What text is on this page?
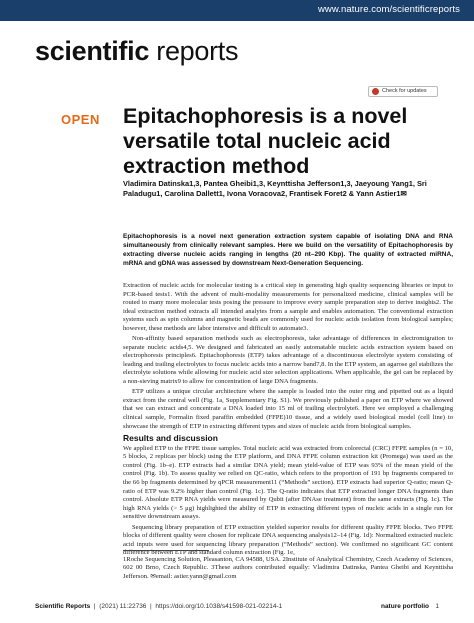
www.nature.com/scientificreports
scientific reports
Check for updates
OPEN Epitachophoresis is a novel versatile total nucleic acid extraction method
Vladimira Datinska1,3, Pantea Gheibi1,3, Keynttisha Jefferson1,3, Jaeyoung Yang1, Sri Paladugu1, Carolina Dallett1, Ivona Voracova2, Frantisek Foret2 & Yann Astier1✉
Epitachophoresis is a novel next generation extraction system capable of isolating DNA and RNA simultaneously from clinically relevant samples. Here we build on the versatility of Epitachophoresis by extracting diverse nucleic acids ranging in lengths (20 nt–290 Kbp). The quality of extracted miRNA, mRNA and gDNA was assessed by downstream Next-Generation Sequencing.

Extraction of nucleic acids for molecular testing is a critical step in generating high quality sequencing libraries or input to PCR-based tests1. With the advent of multi-modality measurements for personalized medicine, clinical samples will be routed to many more molecular tests posing the pressure to improve every sample preparation step to derive insights2. The ideal extraction method extracts all intended analytes from a sample and enables automation. The conventional extraction systems such as spin columns and magnetic beads are commonly used for nucleic acids isolation from biological samples; however, these methods are labor intensive and difficult to automate3.

Non-affinity based separation methods such as electrophoresis, take advantage of differences in electromigration to separate nucleic acids4,5. We designed and fabricated an easily automatable nucleic acids extraction system based on electrophoresis principles6. Epitachophoresis (ETP) takes advantage of a discontinuous electrolyte system consisting of leading and trailing electrolytes to focus nucleic acids into a narrow band7,8. In the ETP system, an agarose gel stabilizes the electrolyte solutions while allowing for nucleic acid size selection applications. When applicable, the gel can be replaced by a non-sieving matrix9 to allow for concentration of large DNA fragments.

ETP utilizes a unique circular architecture where the sample is loaded into the outer ring and pipetted out as a liquid extract from the central well (Fig. 1a, Supplementary Fig. S1). We previously published a paper on ETP where we showed that we can extract and concentrate a DNA loaded into 15 ml of trailing electrolyte6. Here we employed a challenging clinical sample, Formalin fixed paraffin embedded (FFPE)10 tissue, and a widely used biological model (cell line) to showcase the strength of ETP in extracting different types and sizes of nucleic acids from biological samples.

Results and discussion

We applied ETP to the FFPE tissue samples. Total nucleic acid was extracted from colorectal (CRC) FFPE samples (n = 10, 5 blocks, 2 replicas per block) using the ETP platform, and DNA FFPE column extraction kit (Promega) was used as the control (Fig. 1b–e). ETP extracts had a similar DNA yield; mean yield-value of ETP was 93% of the mean yield of the control (Fig. 1b). To assess quality we relied on QC-ratio, which refers to the proportion of 191 bp fragments compared to the 66 bp fragments determined by qPCR measurement11 (“Methods” section). ETP extracts had superior Q-ratio; mean Q-ratio of ETP was 9.2% higher than control (Fig. 1c). The Q-ratio indicates that ETP extracted longer DNA fragments than control. Absolute ETP RNA yields were measured by Qubit (after DNAse treatment) from the same extracts (Fig. 1c). The high RNA yields (> 5 μg) highlighted the ability of ETP in extracting different types of nucleic acids in a single run for sensitive downstream assays.

Sequencing library preparation of ETP extraction yielded superior results for different quality FFPE blocks. Two FFPE blocks of different quality were chosen for replicate DNA sequencing analysis12–14 (Fig. 1d): Normalized extracted nucleic acid inputs were used for sequencing library preparation (“Methods” section). We confirmed no significant GC content difference between ETP and standard column extraction (Fig. 1e,

1Roche Sequencing Solution, Pleasanton, CA 94588, USA. 2Institute of Analytical Chemistry, Czech Academy of Sciences, 602 00 Brno, Czech Republic. 3These authors contributed equally: Vladimira Datinska, Pantea Gheibi and Keynttisha Jefferson. ✉email: astier.yann@gmail.com
Scientific Reports  |  (2021) 11:22736  |  https://doi.org/10.1038/s41598-021-02214-1	nature portfolio 1
